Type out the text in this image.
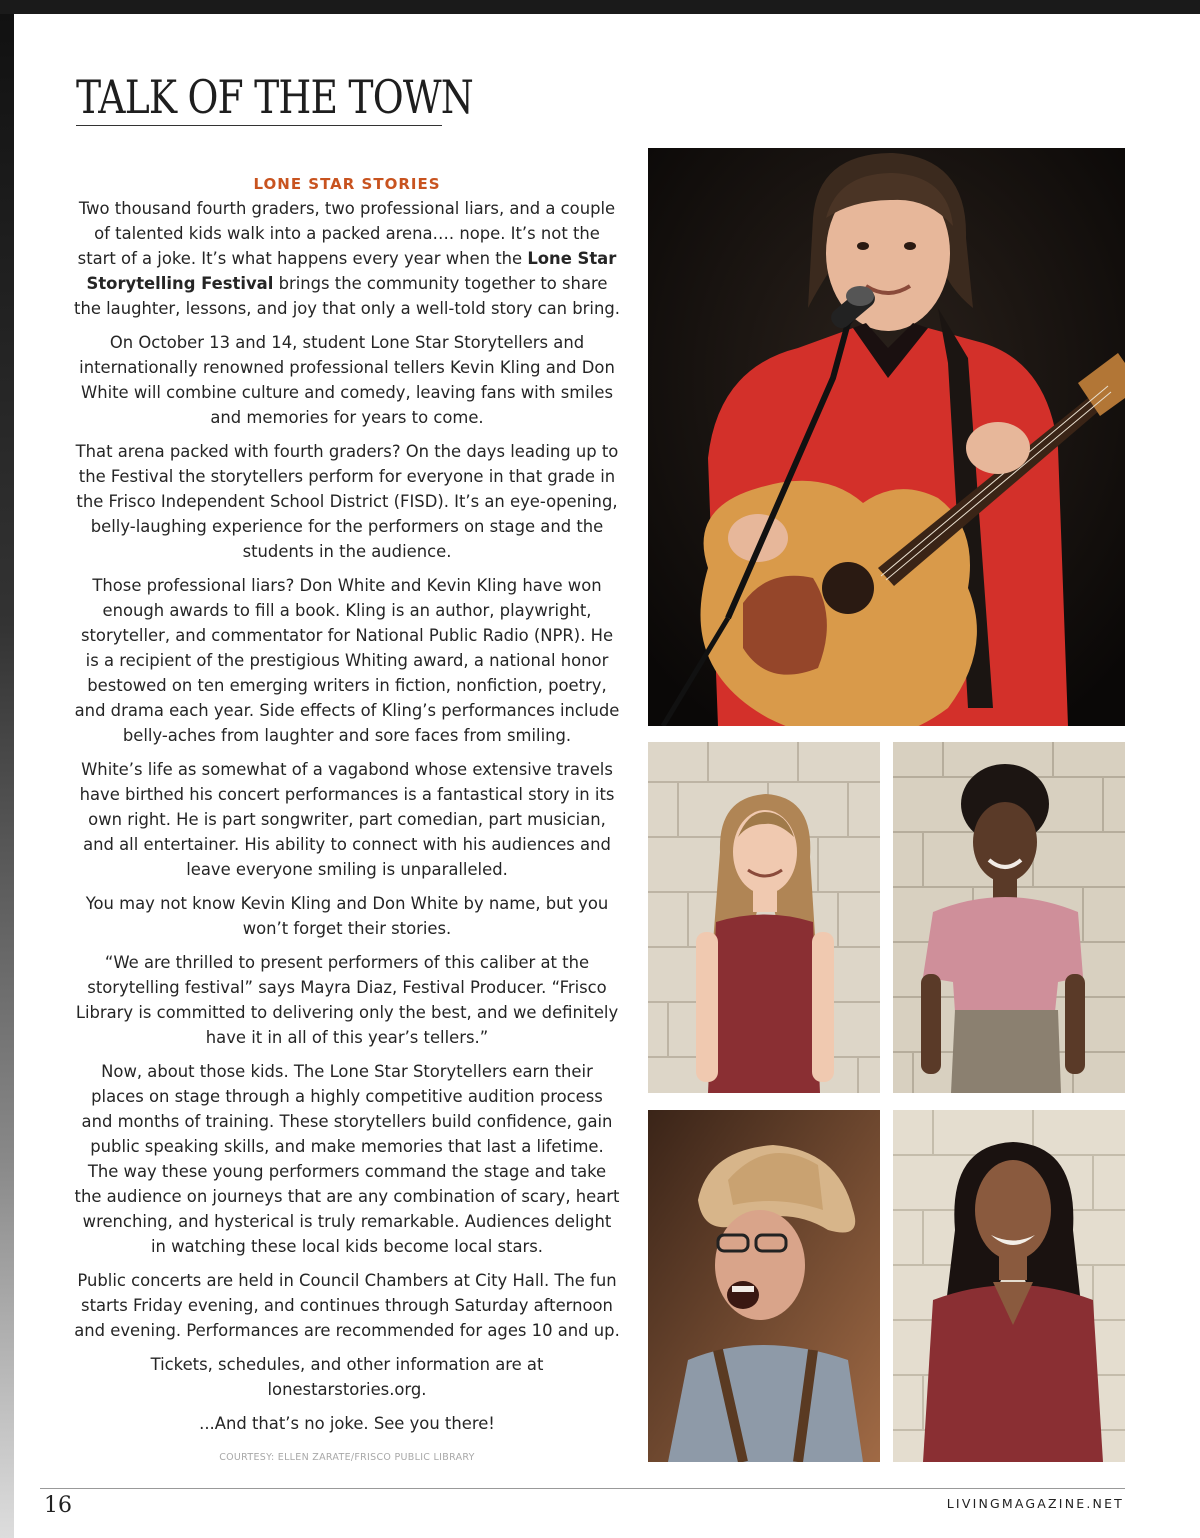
TALK OF THE TOWN
LONE STAR STORIES

Two thousand fourth graders, two professional liars, and a couple of talented kids walk into a packed arena…. nope. It’s not the start of a joke. It’s what happens every year when the Lone Star Storytelling Festival brings the community together to share the laughter, lessons, and joy that only a well-told story can bring.

On October 13 and 14, student Lone Star Storytellers and internationally renowned professional tellers Kevin Kling and Don White will combine culture and comedy, leaving fans with smiles and memories for years to come.

That arena packed with fourth graders? On the days leading up to the Festival the storytellers perform for everyone in that grade in the Frisco Independent School District (FISD). It’s an eye-opening, belly-laughing experience for the performers on stage and the students in the audience.

Those professional liars? Don White and Kevin Kling have won enough awards to fill a book. Kling is an author, playwright, storyteller, and commentator for National Public Radio (NPR). He is a recipient of the prestigious Whiting award, a national honor bestowed on ten emerging writers in fiction, nonfiction, poetry, and drama each year. Side effects of Kling’s performances include belly-aches from laughter and sore faces from smiling.

White’s life as somewhat of a vagabond whose extensive travels have birthed his concert performances is a fantastical story in its own right. He is part songwriter, part comedian, part musician, and all entertainer. His ability to connect with his audiences and leave everyone smiling is unparalleled.

You may not know Kevin Kling and Don White by name, but you won’t forget their stories.

“We are thrilled to present performers of this caliber at the storytelling festival” says Mayra Diaz, Festival Producer. “Frisco Library is committed to delivering only the best, and we definitely have it in all of this year’s tellers.”

Now, about those kids. The Lone Star Storytellers earn their places on stage through a highly competitive audition process and months of training. These storytellers build confidence, gain public speaking skills, and make memories that last a lifetime. The way these young performers command the stage and take the audience on journeys that are any combination of scary, heart wrenching, and hysterical is truly remarkable. Audiences delight in watching these local kids become local stars.

Public concerts are held in Council Chambers at City Hall. The fun starts Friday evening, and continues through Saturday afternoon and evening. Performances are recommended for ages 10 and up.

Tickets, schedules, and other information are at lonestarstories.org.

...And that’s no joke. See you there!

COURTESY: ELLEN ZARATE/FRISCO PUBLIC LIBRARY

16	LIVINGMAGAZINE.NET
